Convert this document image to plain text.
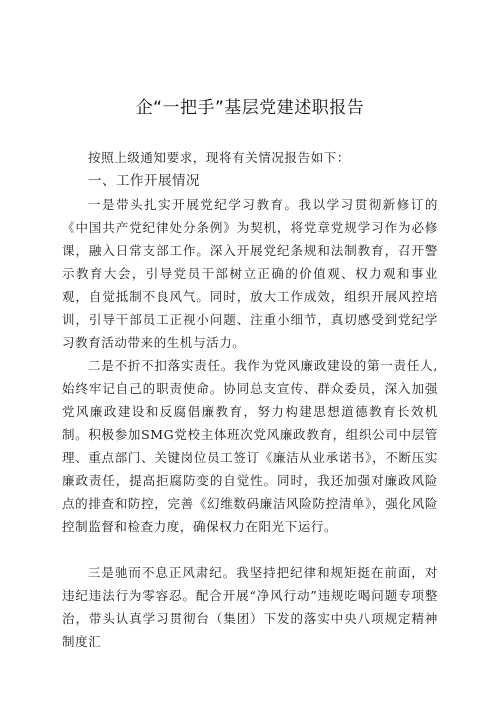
企“一把手”基层党建述职报告
按照上级通知要求，现将有关情况报告如下：
一、工作开展情况

一是带头扎实开展党纪学习教育。我以学习贯彻新修订的《中国共产党纪律处分条例》为契机，将党章党规学习作为必修课，融入日常支部工作。深入开展党纪条规和法制教育，召开警示教育大会，引导党员干部树立正确的价值观、权力观和事业观，自觉抵制不良风气。同时，放大工作成效，组织开展风控培训，引导干部员工正视小问题、注重小细节，真切感受到党纪学习教育活动带来的生机与活力。

二是不折不扣落实责任。我作为党风廉政建设的第一责任人,始终牢记自己的职责使命。协同总支宣传、群众委员，深入加强党风廉政建设和反腐倡廉教育，努力构建思想道德教育长效机制。积极参加SMG党校主体班次党风廉政教育，组织公司中层管理、重点部门、关键岗位员工签订《廉洁从业承诺书》，不断压实廉政责任，提高拒腐防变的自觉性。同时，我还加强对廉政风险点的排查和防控，完善《幻维数码廉洁风险防控清单》，强化风险控制监督和检查力度，确保权力在阳光下运行。

三是驰而不息正风肃纪。我坚持把纪律和规矩挺在前面，对违纪违法行为零容忍。配合开展“净风行动”违规吃喝问题专项整治，带头认真学习贯彻台（集团）下发的落实中央八项规定精神制度汇
